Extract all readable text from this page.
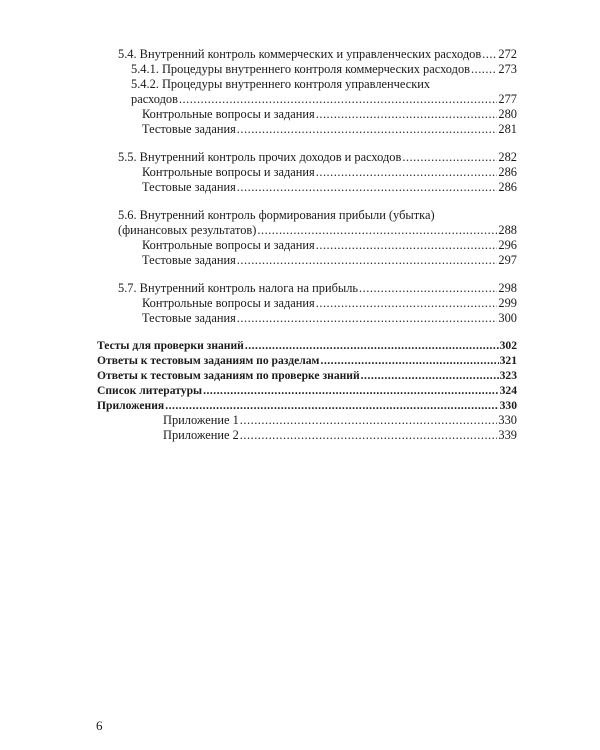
5.4. Внутренний контроль коммерческих и управленческих расходов ..... 272
5.4.1. Процедуры внутреннего контроля коммерческих расходов ..... 273
5.4.2. Процедуры внутреннего контроля управленческих
расходов .....	277
Контрольные вопросы и задания .....	280
Тестовые задания .....	281
5.5. Внутренний контроль прочих доходов и расходов .....	282
Контрольные вопросы и задания .....	286
Тестовые задания .....	286
5.6. Внутренний контроль формирования прибыли (убытка)
(финансовых результатов) .....	288
Контрольные вопросы и задания .....	296
Тестовые задания .....	297
5.7. Внутренний контроль налога на прибыль .....	298
Контрольные вопросы и задания .....	299
Тестовые задания .....	300
Тесты для проверки знаний .....	302
Ответы к тестовым заданиям по разделам .....	321
Ответы к тестовым заданиям по проверке знаний .....	323
Список литературы .....	324
Приложения .....	330
Приложение 1 .....	330
Приложение 2 .....	339
6
